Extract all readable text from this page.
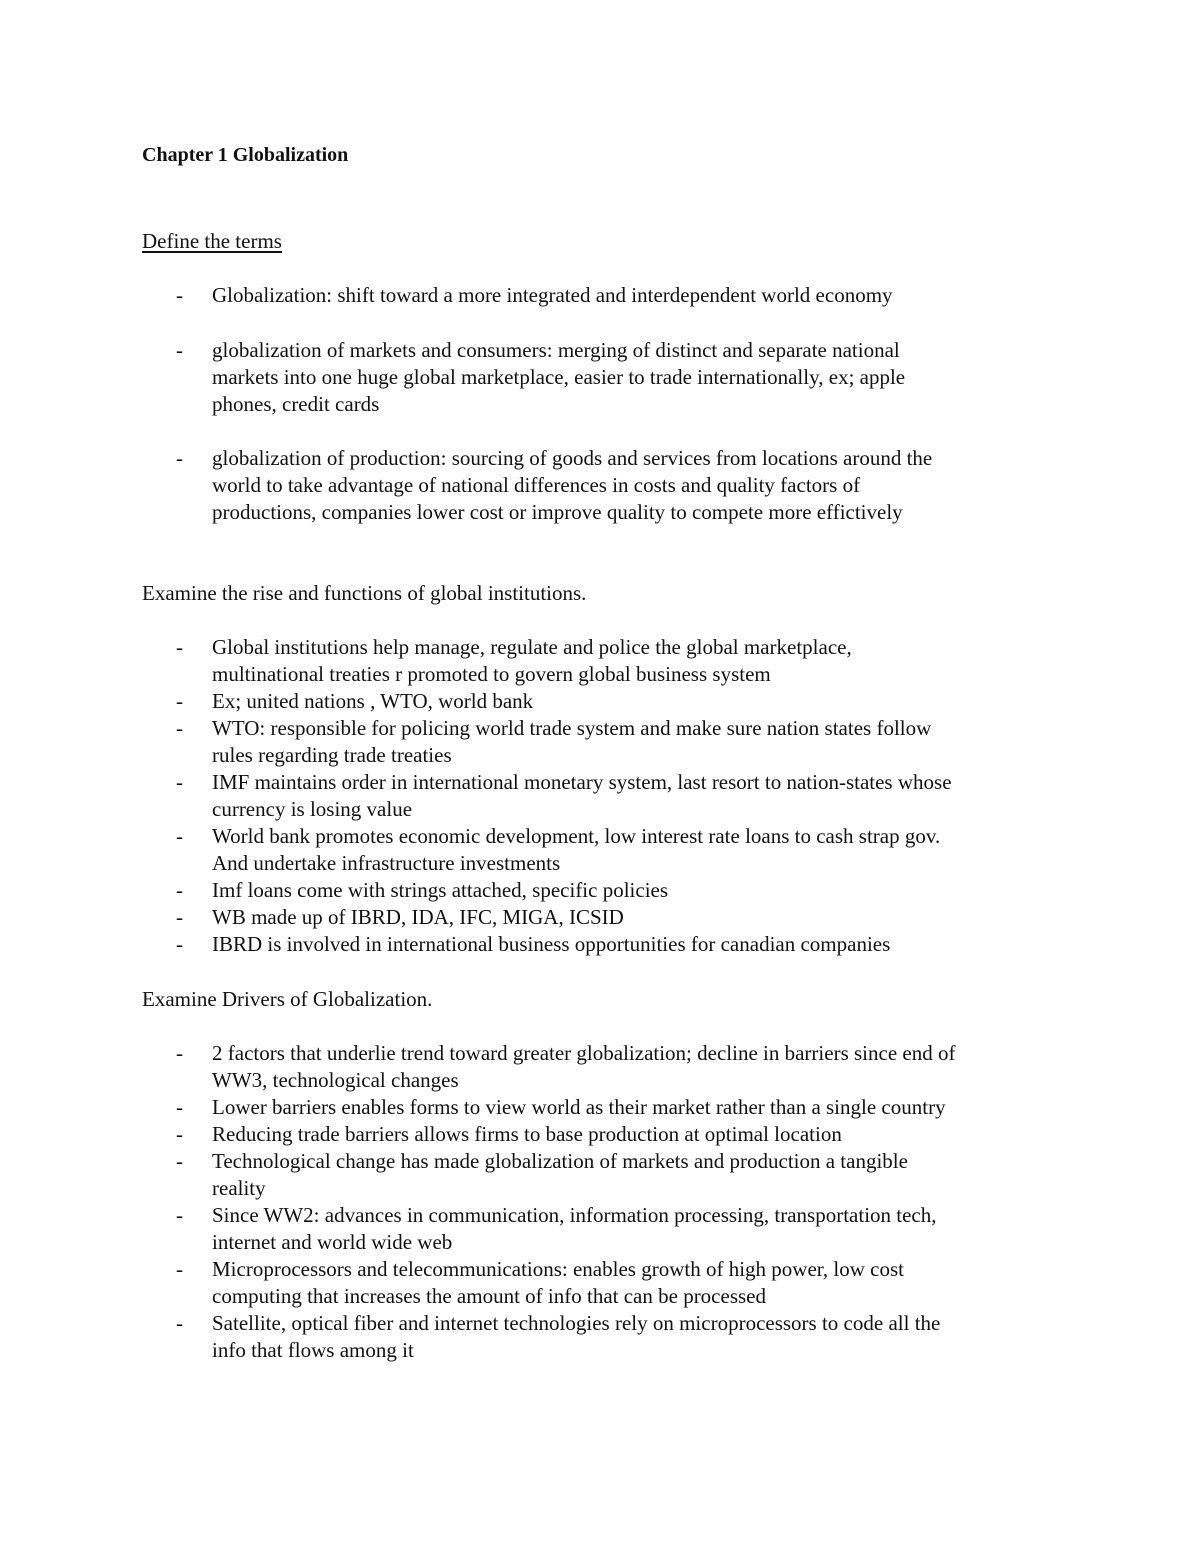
Chapter 1 Globalization
Define the terms
- Globalization: shift toward a more integrated and interdependent world economy
- globalization of markets and consumers: merging of distinct and separate national
markets into one huge global marketplace, easier to trade internationally, ex; apple
phones, credit cards
- globalization of production: sourcing of goods and services from locations around the
world to take advantage of national differences in costs and quality factors of
productions, companies lower cost or improve quality to compete more effictively
Examine the rise and functions of global institutions.
- Global institutions help manage, regulate and police the global marketplace,
multinational treaties r promoted to govern global business system
- Ex; united nations , WTO, world bank
- WTO: responsible for policing world trade system and make sure nation states follow
rules regarding trade treaties
- IMF maintains order in international monetary system, last resort to nation-states whose
currency is losing value
- World bank promotes economic development, low interest rate loans to cash strap gov.
And undertake infrastructure investments
- Imf loans come with strings attached, specific policies
- WB made up of IBRD, IDA, IFC, MIGA, ICSID
- IBRD is involved in international business opportunities for canadian companies
Examine Drivers of Globalization.
- 2 factors that underlie trend toward greater globalization; decline in barriers since end of
WW3, technological changes
- Lower barriers enables forms to view world as their market rather than a single country
- Reducing trade barriers allows firms to base production at optimal location
- Technological change has made globalization of markets and production a tangible
reality
- Since WW2: advances in communication, information processing, transportation tech,
internet and world wide web
- Microprocessors and telecommunications: enables growth of high power, low cost
computing that increases the amount of info that can be processed
- Satellite, optical fiber and internet technologies rely on microprocessors to code all the
info that flows among it
